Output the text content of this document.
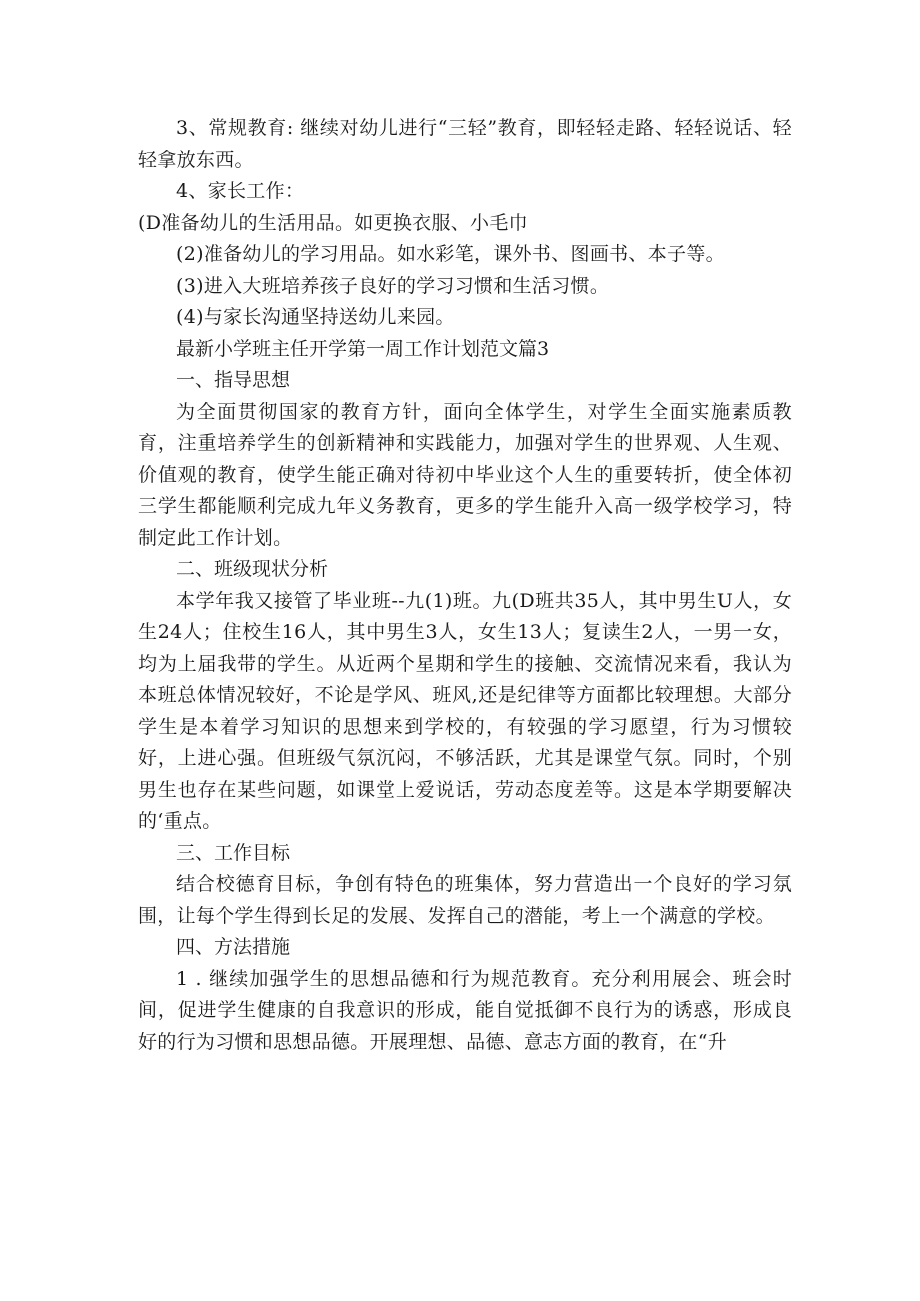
3、常规教育: 继续对幼儿进行“三轻”教育，即轻轻走路、轻轻说话、轻轻拿放东西。

4、家长工作：

(D准备幼儿的生活用品。如更换衣服、小毛巾

(2)准备幼儿的学习用品。如水彩笔，课外书、图画书、本子等。

(3)进入大班培养孩子良好的学习习惯和生活习惯。

(4)与家长沟通坚持送幼儿来园。

最新小学班主任开学第一周工作计划范文篇3

一、指导思想

为全面贯彻国家的教育方针，面向全体学生，对学生全面实施素质教育，注重培养学生的创新精神和实践能力，加强对学生的世界观、人生观、价值观的教育，使学生能正确对待初中毕业这个人生的重要转折，使全体初三学生都能顺利完成九年义务教育，更多的学生能升入高一级学校学习，特制定此工作计划。

二、班级现状分析

本学年我又接管了毕业班--九(1)班。九(D班共35人，其中男生U人，女生24人；住校生16人，其中男生3人，女生13人；复读生2人，一男一女，均为上届我带的学生。从近两个星期和学生的接触、交流情况来看，我认为本班总体情况较好，不论是学风、班风,还是纪律等方面都比较理想。大部分学生是本着学习知识的思想来到学校的，有较强的学习愿望，行为习惯较好，上进心强。但班级气氛沉闷，不够活跃，尤其是课堂气氛。同时，个别男生也存在某些问题，如课堂上爱说话，劳动态度差等。这是本学期要解决的‘重点。

三、工作目标

结合校德育目标，争创有特色的班集体，努力营造出一个良好的学习氛围，让每个学生得到长足的发展、发挥自己的潜能，考上一个满意的学校。

四、方法措施

1 . 继续加强学生的思想品德和行为规范教育。充分利用展会、班会时间，促进学生健康的自我意识的形成，能自觉抵御不良行为的诱惑，形成良好的行为习惯和思想品德。开展理想、品德、意志方面的教育，在“升
